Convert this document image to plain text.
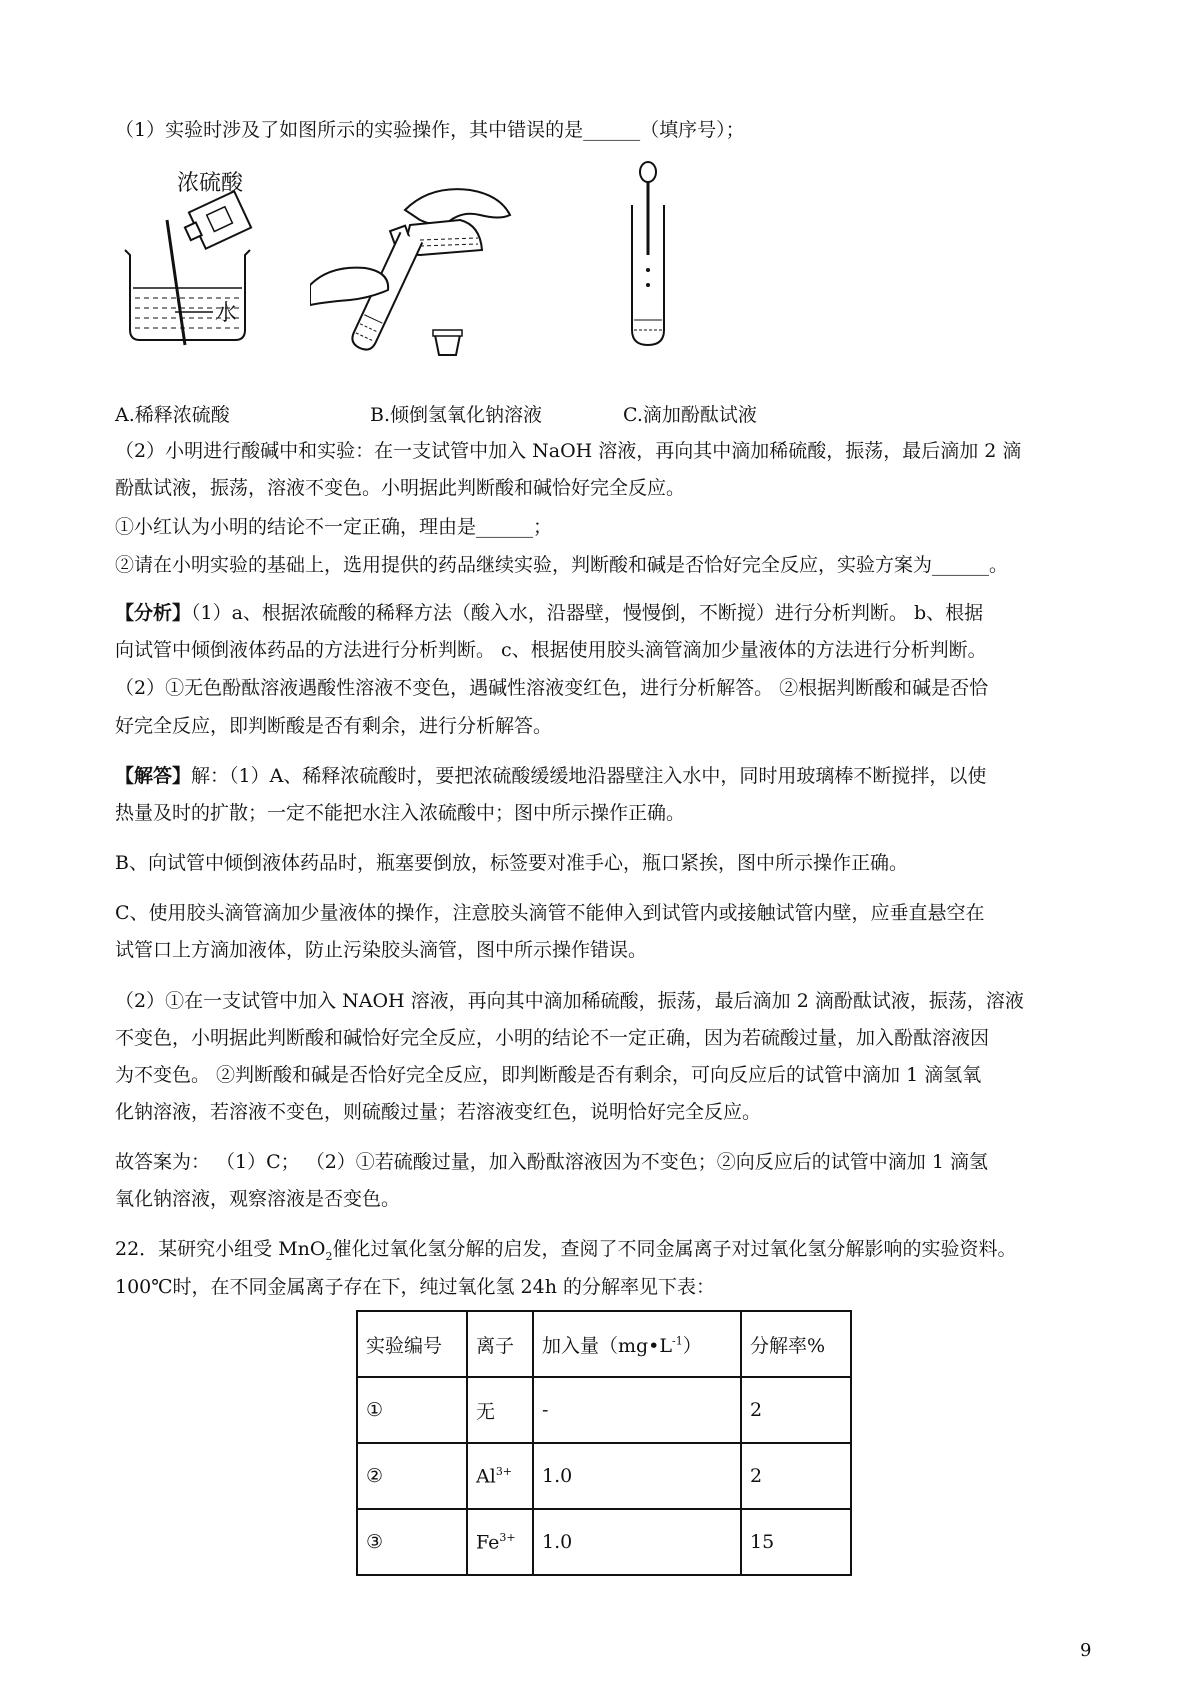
（1）实验时涉及了如图所示的实验操作，其中错误的是______（填序号）；
浓硫酸
水
A.稀释浓硫酸	B.倾倒氢氧化钠溶液	C.滴加酚酞试液
（2）小明进行酸碱中和实验：在一支试管中加入 NaOH 溶液，再向其中滴加稀硫酸，振荡，最后滴加 2 滴
酚酞试液，振荡，溶液不变色。小明据此判断酸和碱恰好完全反应。
①小红认为小明的结论不一定正确，理由是______；
②请在小明实验的基础上，选用提供的药品继续实验，判断酸和碱是否恰好完全反应，实验方案为______。
【分析】（1）a、根据浓硫酸的稀释方法（酸入水，沿器壁，慢慢倒，不断搅）进行分析判断。 b、根据
向试管中倾倒液体药品的方法进行分析判断。 c、根据使用胶头滴管滴加少量液体的方法进行分析判断。
（2）①无色酚酞溶液遇酸性溶液不变色，遇碱性溶液变红色，进行分析解答。 ②根据判断酸和碱是否恰
好完全反应，即判断酸是否有剩余，进行分析解答。
【解答】解：（1）A、稀释浓硫酸时，要把浓硫酸缓缓地沿器壁注入水中，同时用玻璃棒不断搅拌，以使
热量及时的扩散；一定不能把水注入浓硫酸中；图中所示操作正确。
B、向试管中倾倒液体药品时，瓶塞要倒放，标签要对准手心，瓶口紧挨，图中所示操作正确。
C、使用胶头滴管滴加少量液体的操作，注意胶头滴管不能伸入到试管内或接触试管内壁，应垂直悬空在
试管口上方滴加液体，防止污染胶头滴管，图中所示操作错误。
（2）①在一支试管中加入 NAOH 溶液，再向其中滴加稀硫酸，振荡，最后滴加 2 滴酚酞试液，振荡，溶液
不变色，小明据此判断酸和碱恰好完全反应，小明的结论不一定正确，因为若硫酸过量，加入酚酞溶液因
为不变色。 ②判断酸和碱是否恰好完全反应，即判断酸是否有剩余，可向反应后的试管中滴加 1 滴氢氧
化钠溶液，若溶液不变色，则硫酸过量；若溶液变红色，说明恰好完全反应。
故答案为： （1）C； （2）①若硫酸过量，加入酚酞溶液因为不变色；②向反应后的试管中滴加 1 滴氢
氧化钠溶液，观察溶液是否变色。
22．某研究小组受 MnO$_2$催化过氧化氢分解的启发，查阅了不同金属离子对过氧化氢分解影响的实验资料。
100℃时，在不同金属离子存在下，纯过氧化氢 24h 的分解率见下表：
实验编号	离子	加入量$(mg•L^{-1})$	分解率%
①	无	-	2
②	$Al^{3+}$	1.0	2
③	$Fe^{3+}$	1.0	15
9
